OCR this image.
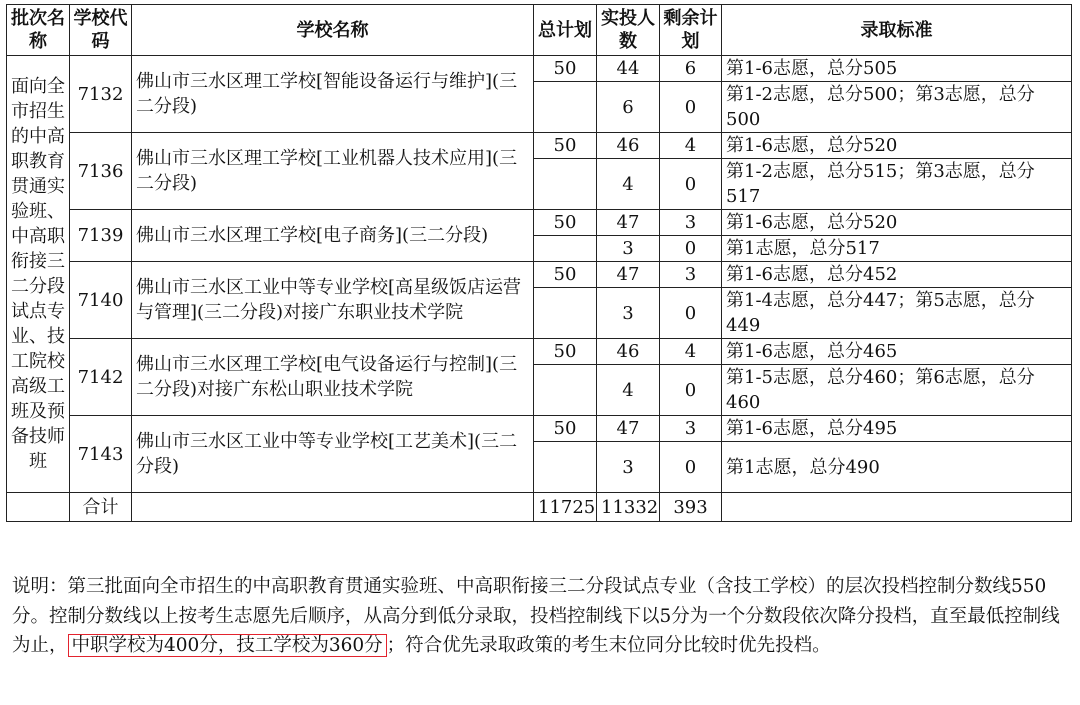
批次名称	学校代码	学校名称	总计划	实投人数	剩余计划	录取标准
面向全市招生的中高职教育贯通实验班、中高职衔接三二分段试点专业、技工院校高级工班及预备技师班	7132	佛山市三水区理工学校[智能设备运行与维护](三二分段)	50	44	6	第1-6志愿，总分505
				6	0	第1-2志愿，总分500；第3志愿，总分500
	7136	佛山市三水区理工学校[工业机器人技术应用](三二分段)	50	46	4	第1-6志愿，总分520
				4	0	第1-2志愿，总分515；第3志愿，总分517
	7139	佛山市三水区理工学校[电子商务](三二分段)	50	47	3	第1-6志愿，总分520
				3	0	第1志愿，总分517
	7140	佛山市三水区工业中等专业学校[高星级饭店运营与管理](三二分段)对接广东职业技术学院	50	47	3	第1-6志愿，总分452
				3	0	第1-4志愿，总分447；第5志愿，总分449
	7142	佛山市三水区理工学校[电气设备运行与控制](三二分段)对接广东松山职业技术学院	50	46	4	第1-6志愿，总分465
				4	0	第1-5志愿，总分460；第6志愿，总分460
	7143	佛山市三水区工业中等专业学校[工艺美术](三二分段)	50	47	3	第1-6志愿，总分495
				3	0	第1志愿，总分490
	合计		11725	11332	393	
说明：第三批面向全市招生的中高职教育贯通实验班、中高职衔接三二分段试点专业（含技工学校）的层次投档控制分数线550分。控制分数线以上按考生志愿先后顺序，从高分到低分录取，投档控制线下以5分为一个分数段依次降分投档，直至最低控制线为止， 中职学校为400分，技工学校为360分 ；符合优先录取政策的考生末位同分比较时优先投档。
